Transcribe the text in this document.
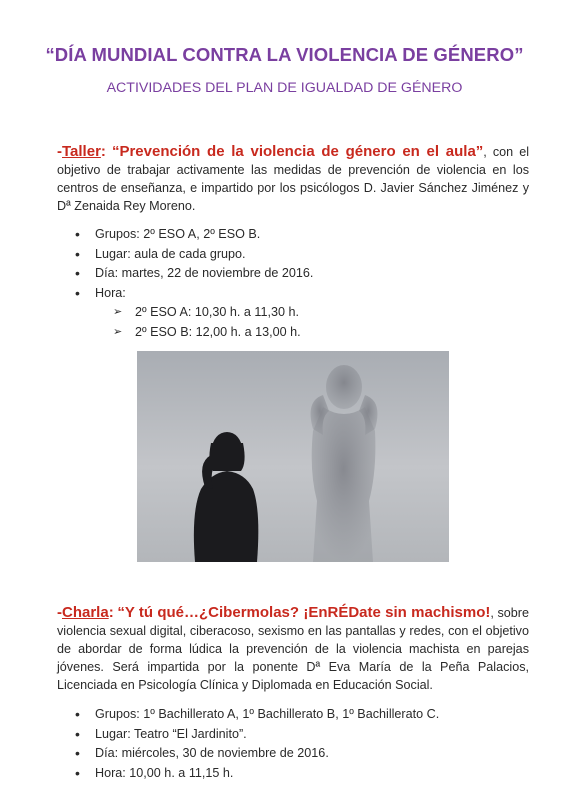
“DÍA MUNDIAL CONTRA LA VIOLENCIA DE GÉNERO”
ACTIVIDADES DEL PLAN DE IGUALDAD DE GÉNERO
-Taller: “Prevención de la violencia de género en el aula”, con el objetivo de trabajar activamente las medidas de prevención de violencia en los centros de enseñanza, e impartido por los psicólogos D. Javier Sánchez Jiménez y Dª Zenaida Rey Moreno.
• Grupos: 2º ESO A, 2º ESO B.
• Lugar: aula de cada grupo.
• Día: martes, 22 de noviembre de 2016.
• Hora:
➢ 2º ESO A: 10,30 h. a 11,30 h.
➢ 2º ESO B: 12,00 h. a 13,00 h.
-Charla: “Y tú qué…¿Cibermolas? ¡EnRÉDate sin machismo!, sobre violencia sexual digital, ciberacoso, sexismo en las pantallas y redes, con el objetivo de abordar de forma lúdica la prevención de la violencia machista en parejas jóvenes. Será impartida por la ponente Dª Eva María de la Peña Palacios, Licenciada en Psicología Clínica y Diplomada en Educación Social.
• Grupos: 1º Bachillerato A, 1º Bachillerato B, 1º Bachillerato C.
• Lugar: Teatro “El Jardinito”.
• Día: miércoles, 30 de noviembre de 2016.
• Hora: 10,00 h. a 11,15 h.
